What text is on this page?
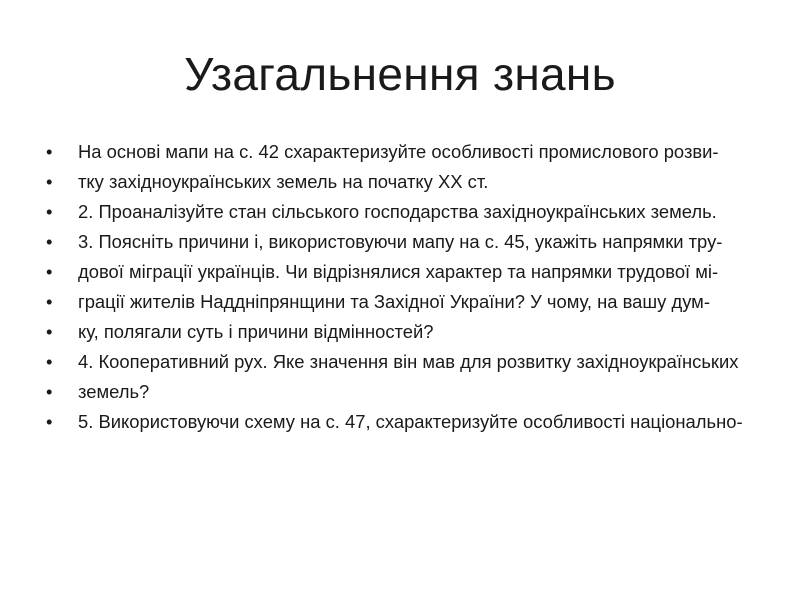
Узагальнення знань
•	На основі мапи на с. 42 схарактеризуйте особливості промислового розви-
•	тку західноукраїнських земель на початку XX ст.
•	2. Проаналізуйте стан сільського господарства західноукраїнських земель.
•	3. Поясніть причини і, використовуючи мапу на с. 45, укажіть напрямки тру-
•	дової міграції українців. Чи відрізнялися характер та напрямки трудової мі-
•	грації жителів Наддніпрянщини та Західної України? У чому, на вашу дум-
•	ку, полягали суть і причини відмінностей?
•	4. Кооперативний рух. Яке значення він мав для розвитку західноукраїнських
•	земель?
•	5. Використовуючи схему на с. 47, схарактеризуйте особливості національно-
